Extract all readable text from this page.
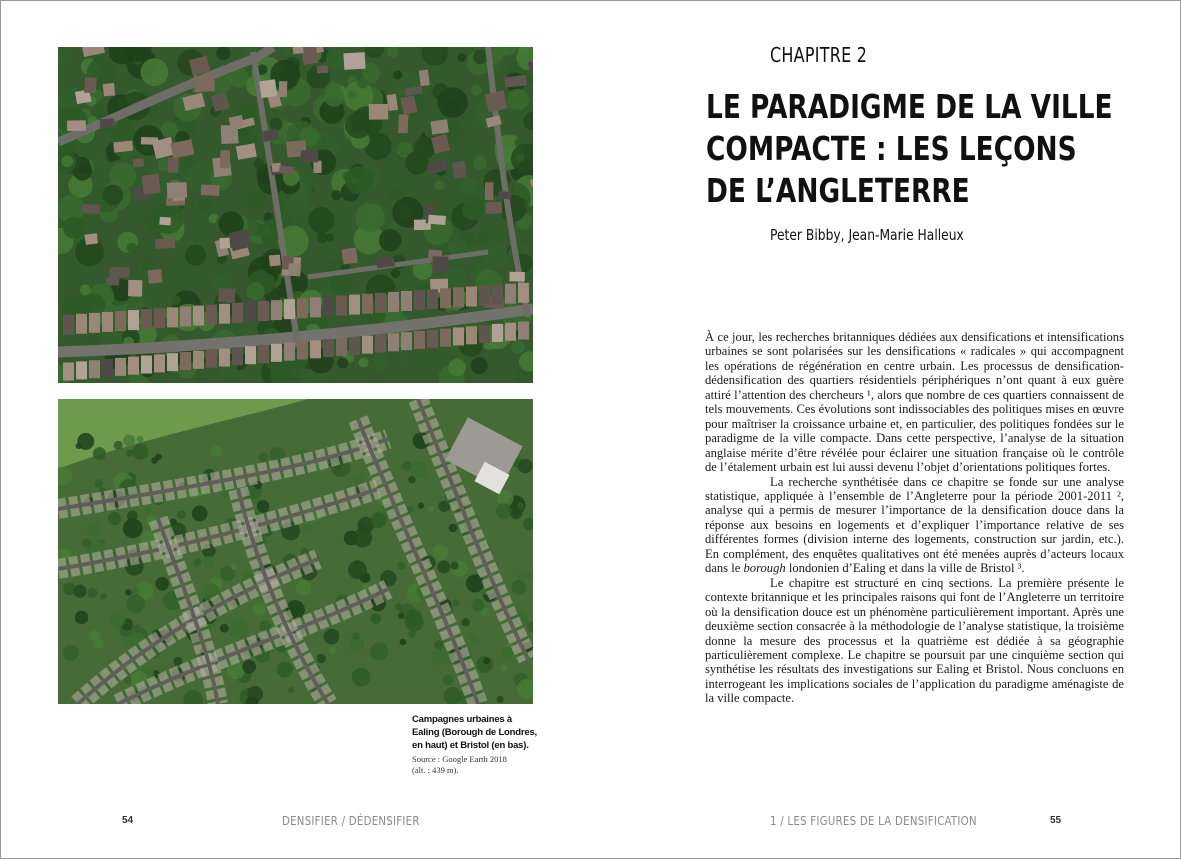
Campagnes urbaines à Ealing (Borough de Londres, en haut) et Bristol (en bas).
Source : Google Earth 2018
(alt. : 439 m).
CHAPITRE 2
LE PARADIGME DE LA VILLE
COMPACTE : LES LEÇONS
DE L’ANGLETERRE
Peter Bibby, Jean-Marie Halleux

À ce jour, les recherches britanniques dédiées aux densifications et intensifications urbaines se sont polarisées sur les densifications « radicales » qui accompagnent les opérations de régénération en centre urbain. Les processus de densification-dédensification des quartiers résidentiels périphériques n’ont quant à eux guère attiré l’attention des chercheurs ¹, alors que nombre de ces quartiers connaissent de tels mouvements. Ces évolutions sont indissociables des politiques mises en œuvre pour maîtriser la croissance urbaine et, en particulier, des politiques fondées sur le paradigme de la ville compacte. Dans cette perspective, l’analyse de la situation anglaise mérite d’être révélée pour éclairer une situation française où le contrôle de l’étalement urbain est lui aussi devenu l’objet d’orientations politiques fortes.

La recherche synthétisée dans ce chapitre se fonde sur une analyse statistique, appliquée à l’ensemble de l’Angleterre pour la période 2001-2011 ², analyse qui a permis de mesurer l’importance de la densification douce dans la réponse aux besoins en logements et d’expliquer l’importance relative de ses différentes formes (division interne des logements, construction sur jardin, etc.). En complément, des enquêtes qualitatives ont été menées auprès d’acteurs locaux dans le borough londonien d’Ealing et dans la ville de Bristol ³.

Le chapitre est structuré en cinq sections. La première présente le contexte britannique et les principales raisons qui font de l’Angleterre un territoire où la densification douce est un phénomène particulièrement important. Après une deuxième section consacrée à la méthodologie de l’analyse statistique, la troisième donne la mesure des processus et la quatrième est dédiée à sa géographie particulièrement complexe. Le chapitre se poursuit par une cinquième section qui synthétise les résultats des investigations sur Ealing et Bristol. Nous concluons en interrogeant les implications sociales de l’application du paradigme aménagiste de la ville compacte.

54	DENSIFIER / DÉDENSIFIER	1 / LES FIGURES DE LA DENSIFICATION	55
